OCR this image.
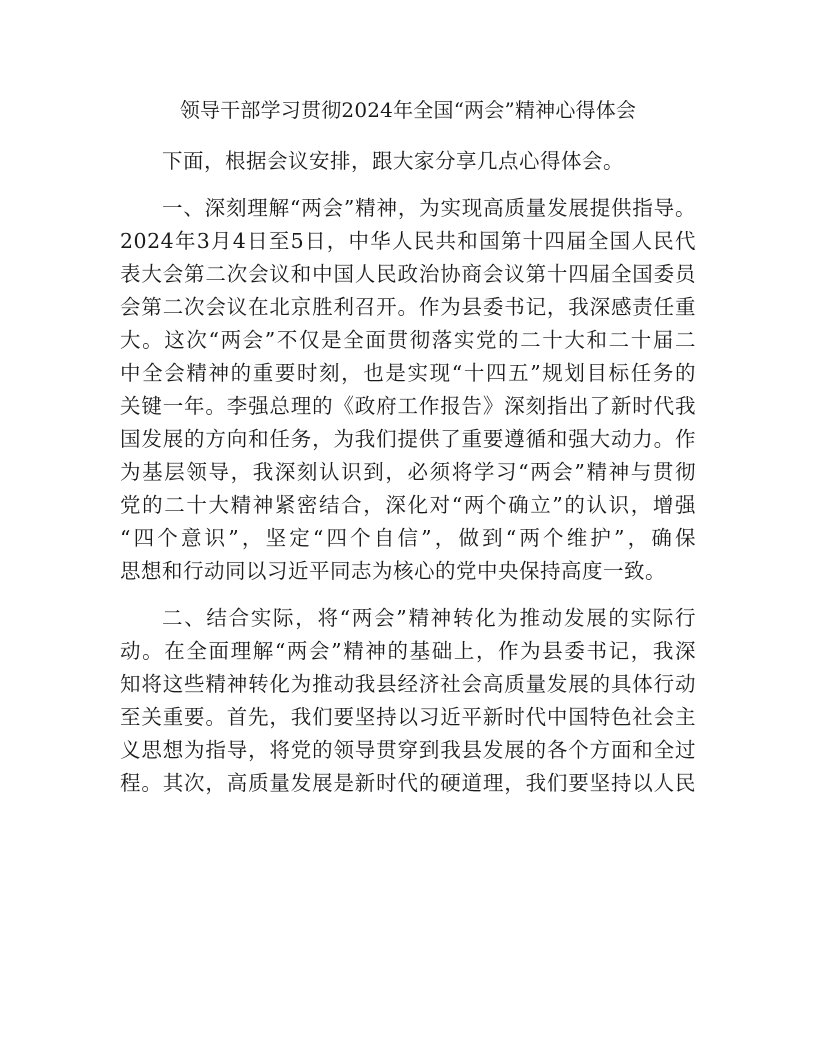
领导干部学习贯彻2024年全国“两会”精神心得体会
下面，根据会议安排，跟大家分享几点心得体会。
一、深刻理解“两会”精神，为实现高质量发展提供指导。
2024年3月4日至5日，中华人民共和国第十四届全国人民代
表大会第二次会议和中国人民政治协商会议第十四届全国委员
会第二次会议在北京胜利召开。作为县委书记，我深感责任重
大。这次“两会”不仅是全面贯彻落实党的二十大和二十届二
中全会精神的重要时刻，也是实现“十四五”规划目标任务的
关键一年。李强总理的《政府工作报告》深刻指出了新时代我
国发展的方向和任务，为我们提供了重要遵循和强大动力。作
为基层领导，我深刻认识到，必须将学习“两会”精神与贯彻
党的二十大精神紧密结合，深化对“两个确立”的认识，增强
“四个意识”，坚定“四个自信”，做到“两个维护”，确保
思想和行动同以习近平同志为核心的党中央保持高度一致。
二、结合实际，将“两会”精神转化为推动发展的实际行
动。在全面理解“两会”精神的基础上，作为县委书记，我深
知将这些精神转化为推动我县经济社会高质量发展的具体行动
至关重要。首先，我们要坚持以习近平新时代中国特色社会主
义思想为指导，将党的领导贯穿到我县发展的各个方面和全过
程。其次，高质量发展是新时代的硬道理，我们要坚持以人民
